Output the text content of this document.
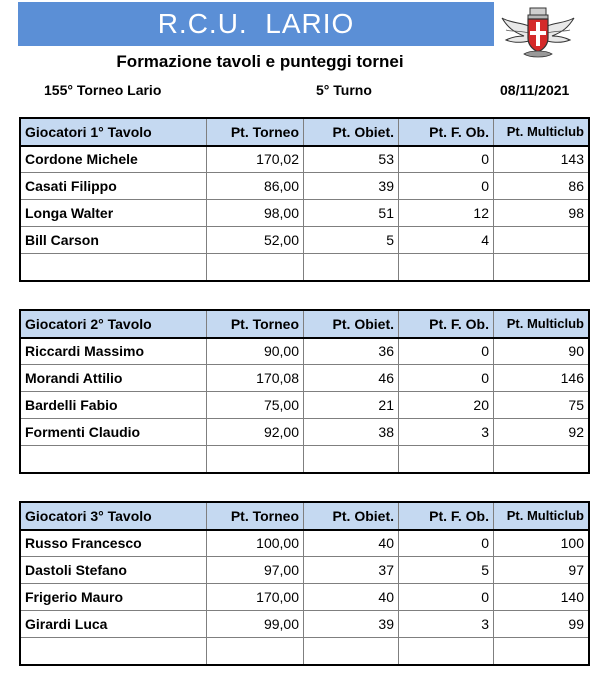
R.C.U.  LARIO
Formazione tavoli e punteggi tornei
155° Torneo Lario	5° Turno	08/11/2021
Giocatori 1° Tavolo	Pt. Torneo	Pt. Obiet.	Pt. F. Ob.	Pt. Multiclub
Cordone Michele	170,02	53	0	143
Casati Filippo	86,00	39	0	86
Longa Walter	98,00	51	12	98
Bill Carson	52,00	5	4	

Giocatori 2° Tavolo	Pt. Torneo	Pt. Obiet.	Pt. F. Ob.	Pt. Multiclub
Riccardi Massimo	90,00	36	0	90
Morandi Attilio	170,08	46	0	146
Bardelli Fabio	75,00	21	20	75
Formenti Claudio	92,00	38	3	92

Giocatori 3° Tavolo	Pt. Torneo	Pt. Obiet.	Pt. F. Ob.	Pt. Multiclub
Russo Francesco	100,00	40	0	100
Dastoli Stefano	97,00	37	5	97
Frigerio Mauro	170,00	40	0	140
Girardi Luca	99,00	39	3	99
